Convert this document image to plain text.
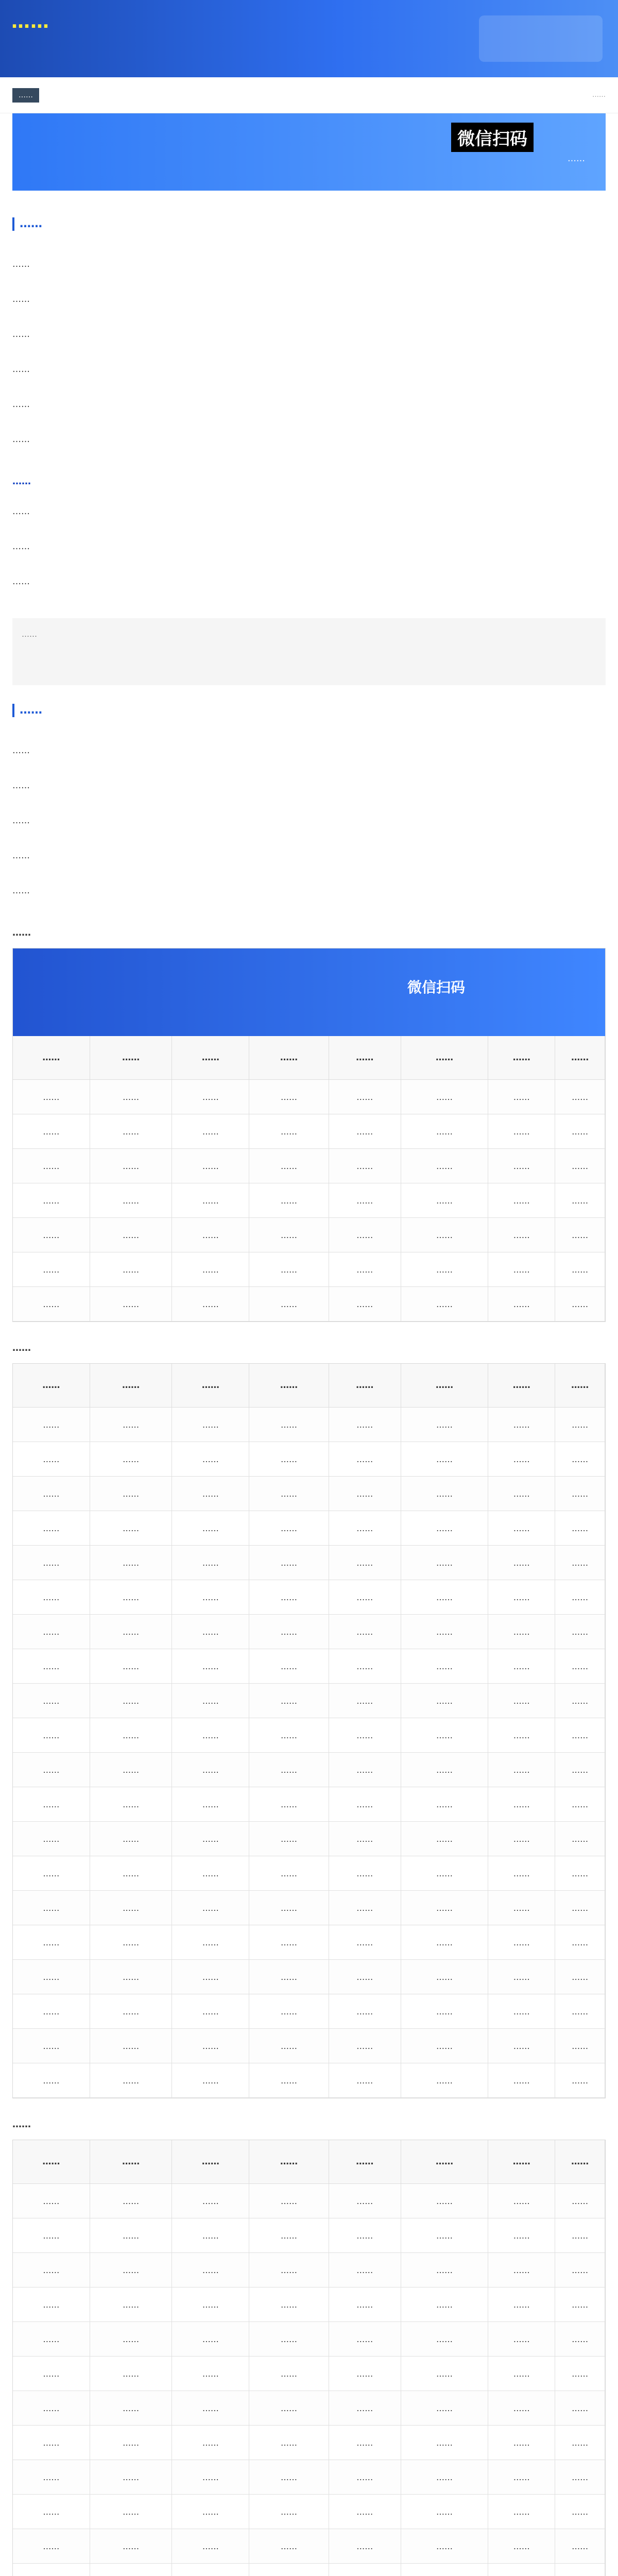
……
……	……
微信扫码
……
……

……

……

……

……

……

……

……

……

……

……

……
……

……

……

……

……

……

……
微信扫码
……	……	……	……	……	……	……	……
……	……	……	……	……	……	……	……
……	……	……	……	……	……	……	……
……	……	……	……	……	……	……	……
……	……	……	……	……	……	……	……
……	……	……	……	……	……	……	……
……	……	……	……	……	……	……	……
……	……	……	……	……	……	……	……
……
……	……	……	……	……	……	……	……
……	……	……	……	……	……	……	……
……	……	……	……	……	……	……	……
……	……	……	……	……	……	……	……
……	……	……	……	……	……	……	……
……	……	……	……	……	……	……	……
……	……	……	……	……	……	……	……
……	……	……	……	……	……	……	……
……	……	……	……	……	……	……	……
……	……	……	……	……	……	……	……
……	……	……	……	……	……	……	……
……	……	……	……	……	……	……	……
……	……	……	……	……	……	……	……
……	……	……	……	……	……	……	……
……	……	……	……	……	……	……	……
……	……	……	……	……	……	……	……
……	……	……	……	……	……	……	……
……	……	……	……	……	……	……	……
……	……	……	……	……	……	……	……
……	……	……	……	……	……	……	……
……	……	……	……	……	……	……	……
……
……	……	……	……	……	……	……	……
……	……	……	……	……	……	……	……
……	……	……	……	……	……	……	……
……	……	……	……	……	……	……	……
……	……	……	……	……	……	……	……
……	……	……	……	……	……	……	……
……	……	……	……	……	……	……	……
……	……	……	……	……	……	……	……
……	……	……	……	……	……	……	……
……	……	……	……	……	……	……	……
……	……	……	……	……	……	……	……
……	……	……	……	……	……	……	……
